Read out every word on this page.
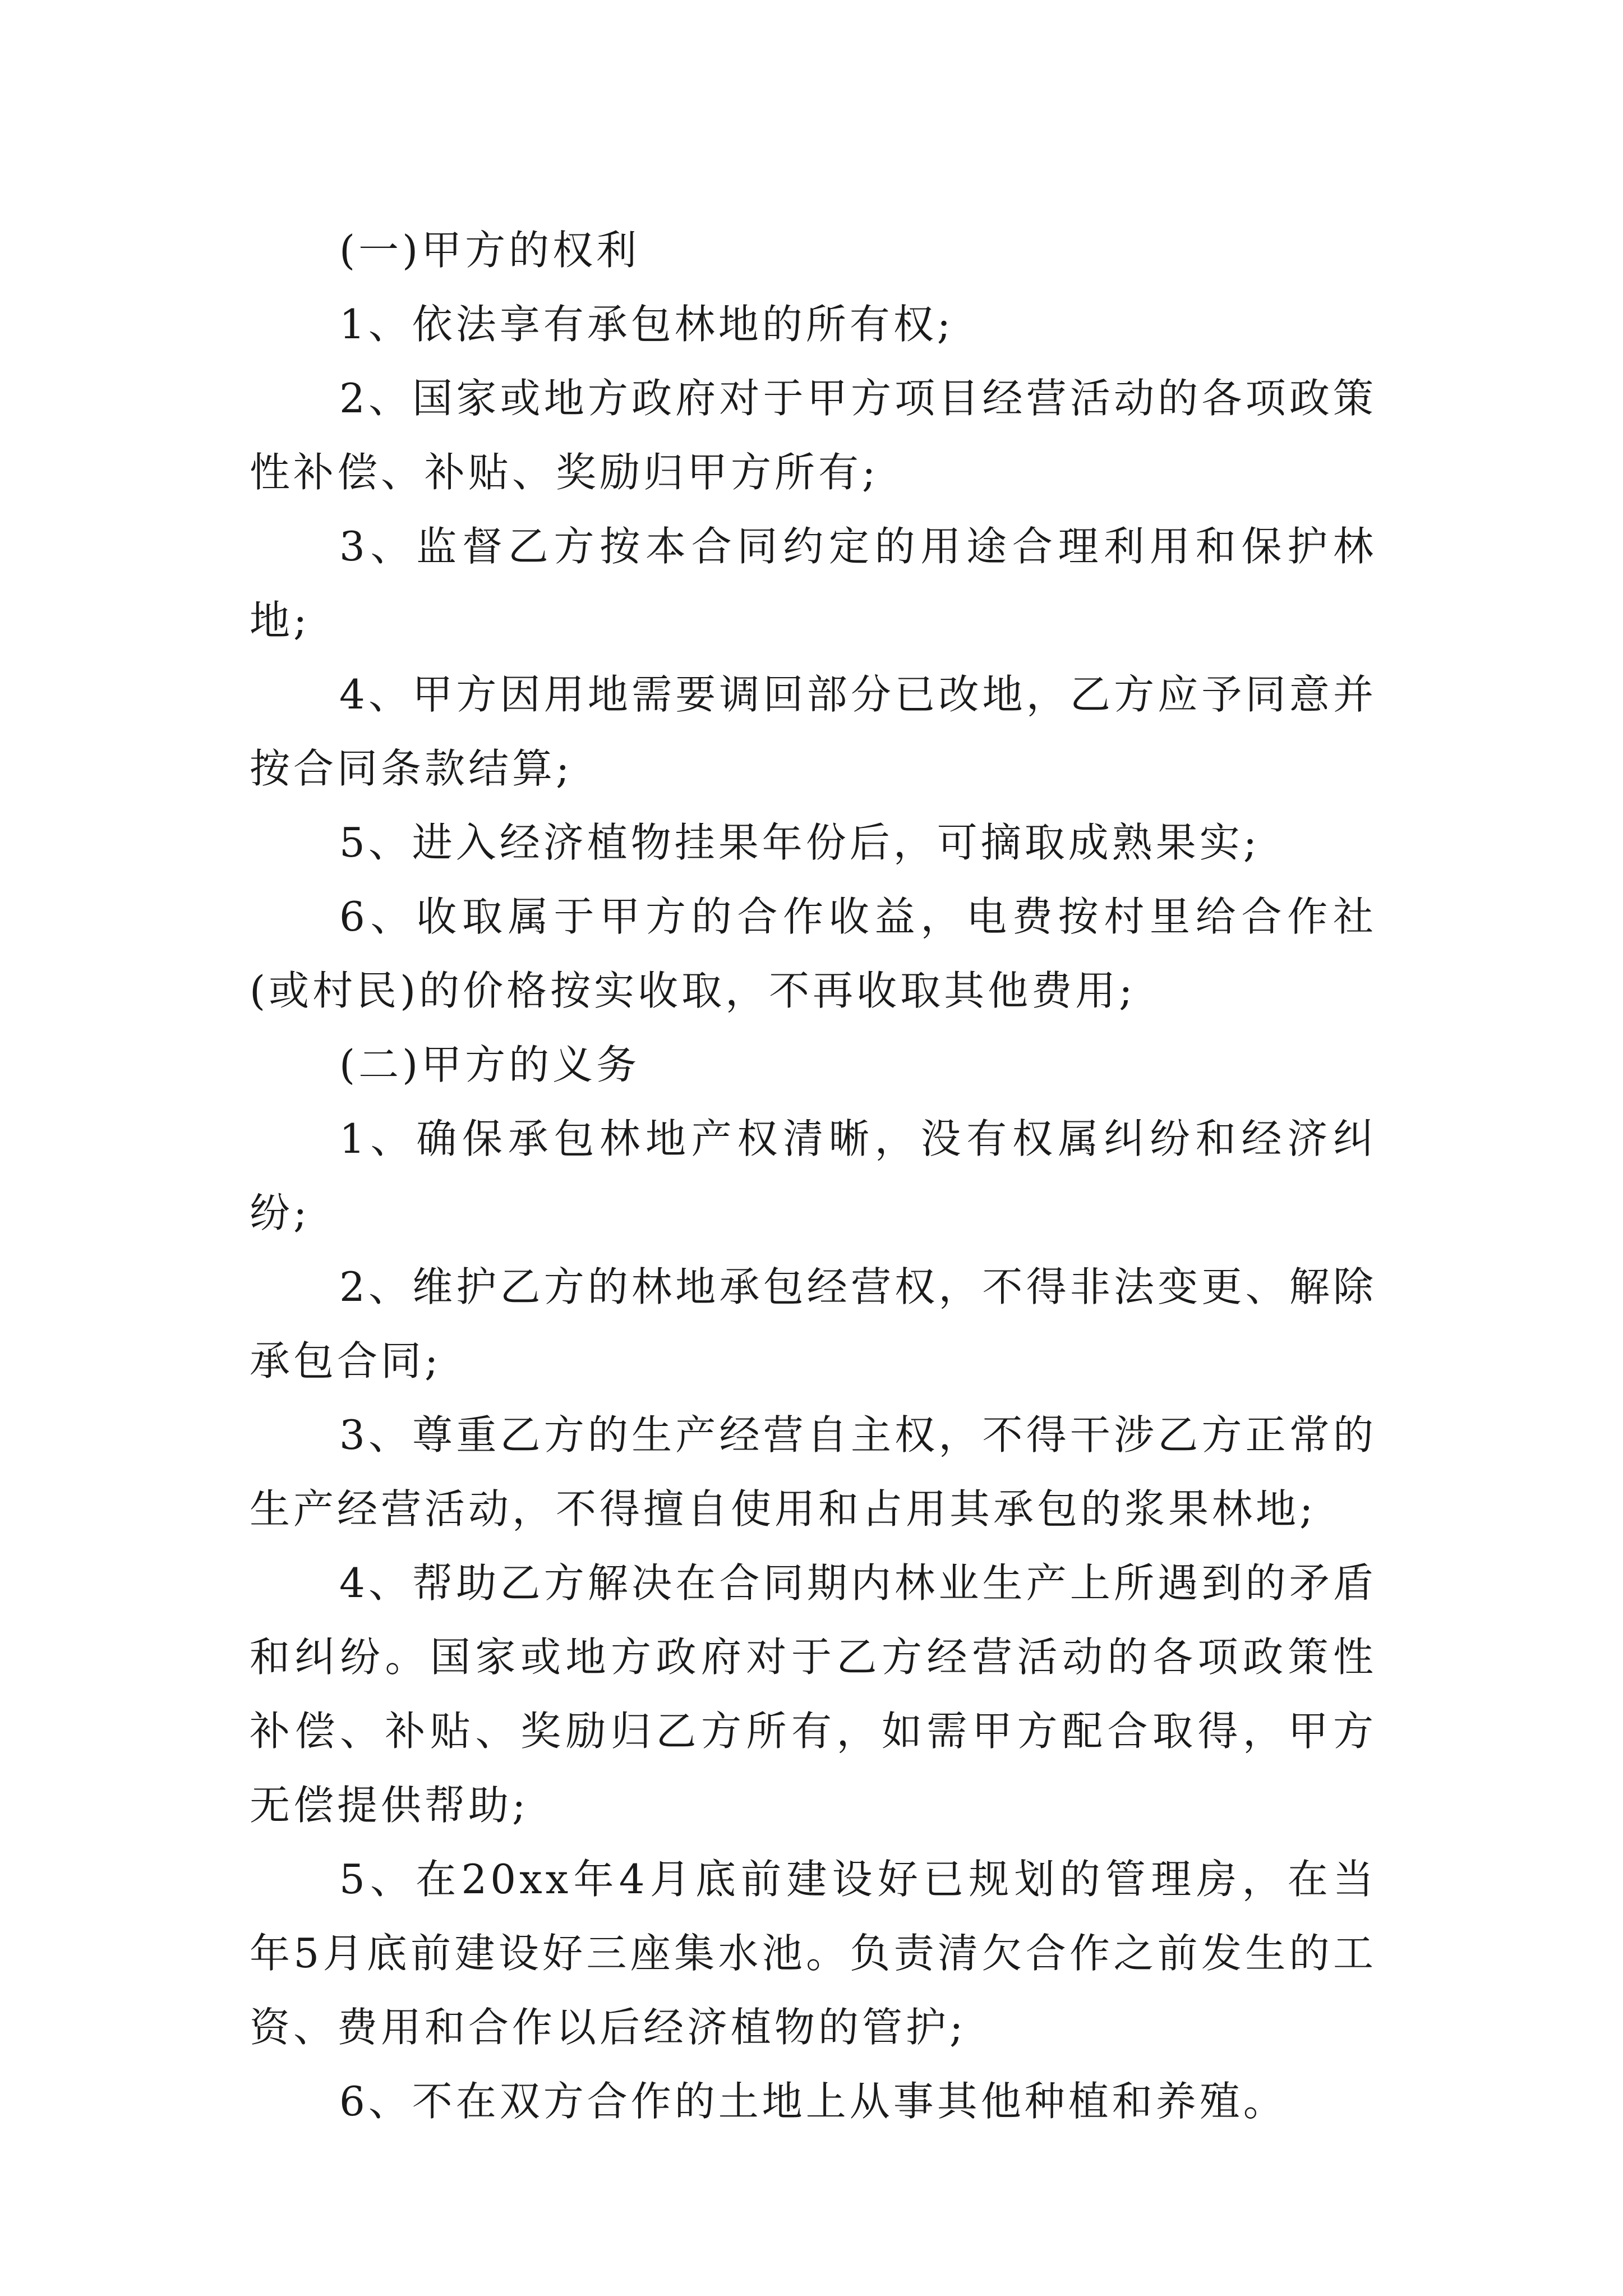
(一)甲方的权利

1、依法享有承包林地的所有权;

2、国家或地方政府对于甲方项目经营活动的各项政策性补偿、补贴、奖励归甲方所有;

3、监督乙方按本合同约定的用途合理利用和保护林地;

4、甲方因用地需要调回部分已改地，乙方应予同意并按合同条款结算;

5、进入经济植物挂果年份后，可摘取成熟果实;

6、收取属于甲方的合作收益，电费按村里给合作社(或村民)的价格按实收取，不再收取其他费用;

(二)甲方的义务

1、确保承包林地产权清晰，没有权属纠纷和经济纠纷;

2、维护乙方的林地承包经营权，不得非法变更、解除承包合同;

3、尊重乙方的生产经营自主权，不得干涉乙方正常的生产经营活动，不得擅自使用和占用其承包的浆果林地;

4、帮助乙方解决在合同期内林业生产上所遇到的矛盾和纠纷。国家或地方政府对于乙方经营活动的各项政策性补偿、补贴、奖励归乙方所有，如需甲方配合取得，甲方无偿提供帮助;

5、在20xx年4月底前建设好已规划的管理房，在当年5月底前建设好三座集水池。负责清欠合作之前发生的工资、费用和合作以后经济植物的管护;

6、不在双方合作的土地上从事其他种植和养殖。
